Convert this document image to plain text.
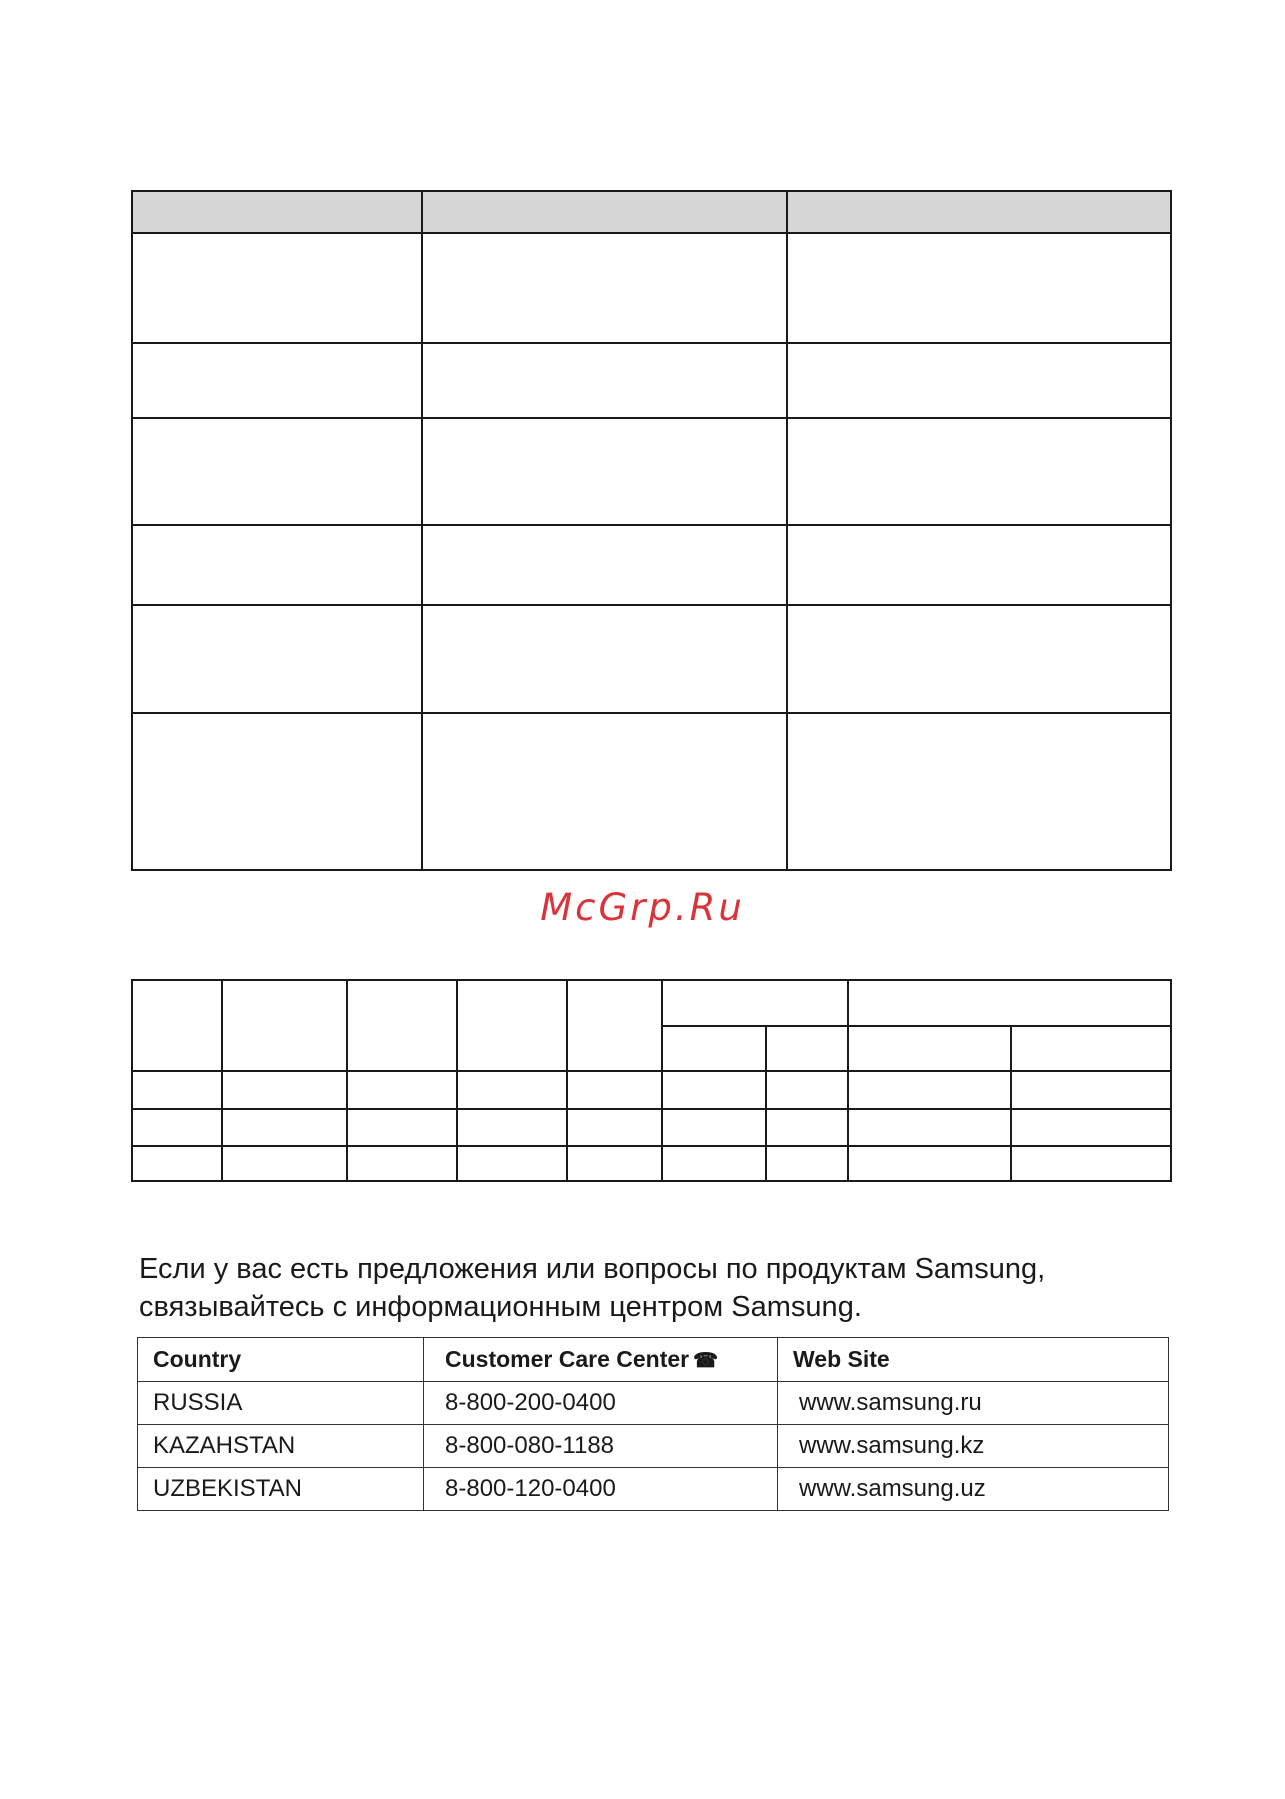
McGrp.Ru

Если у вас есть предложения или вопросы по продуктам Samsung,
связывайтесь с информационным центром Samsung.
Country	Customer Care Center ☎	Web Site
RUSSIA	8-800-200-0400	www.samsung.ru
KAZAHSTAN	8-800-080-1188	www.samsung.kz
UZBEKISTAN	8-800-120-0400	www.samsung.uz
